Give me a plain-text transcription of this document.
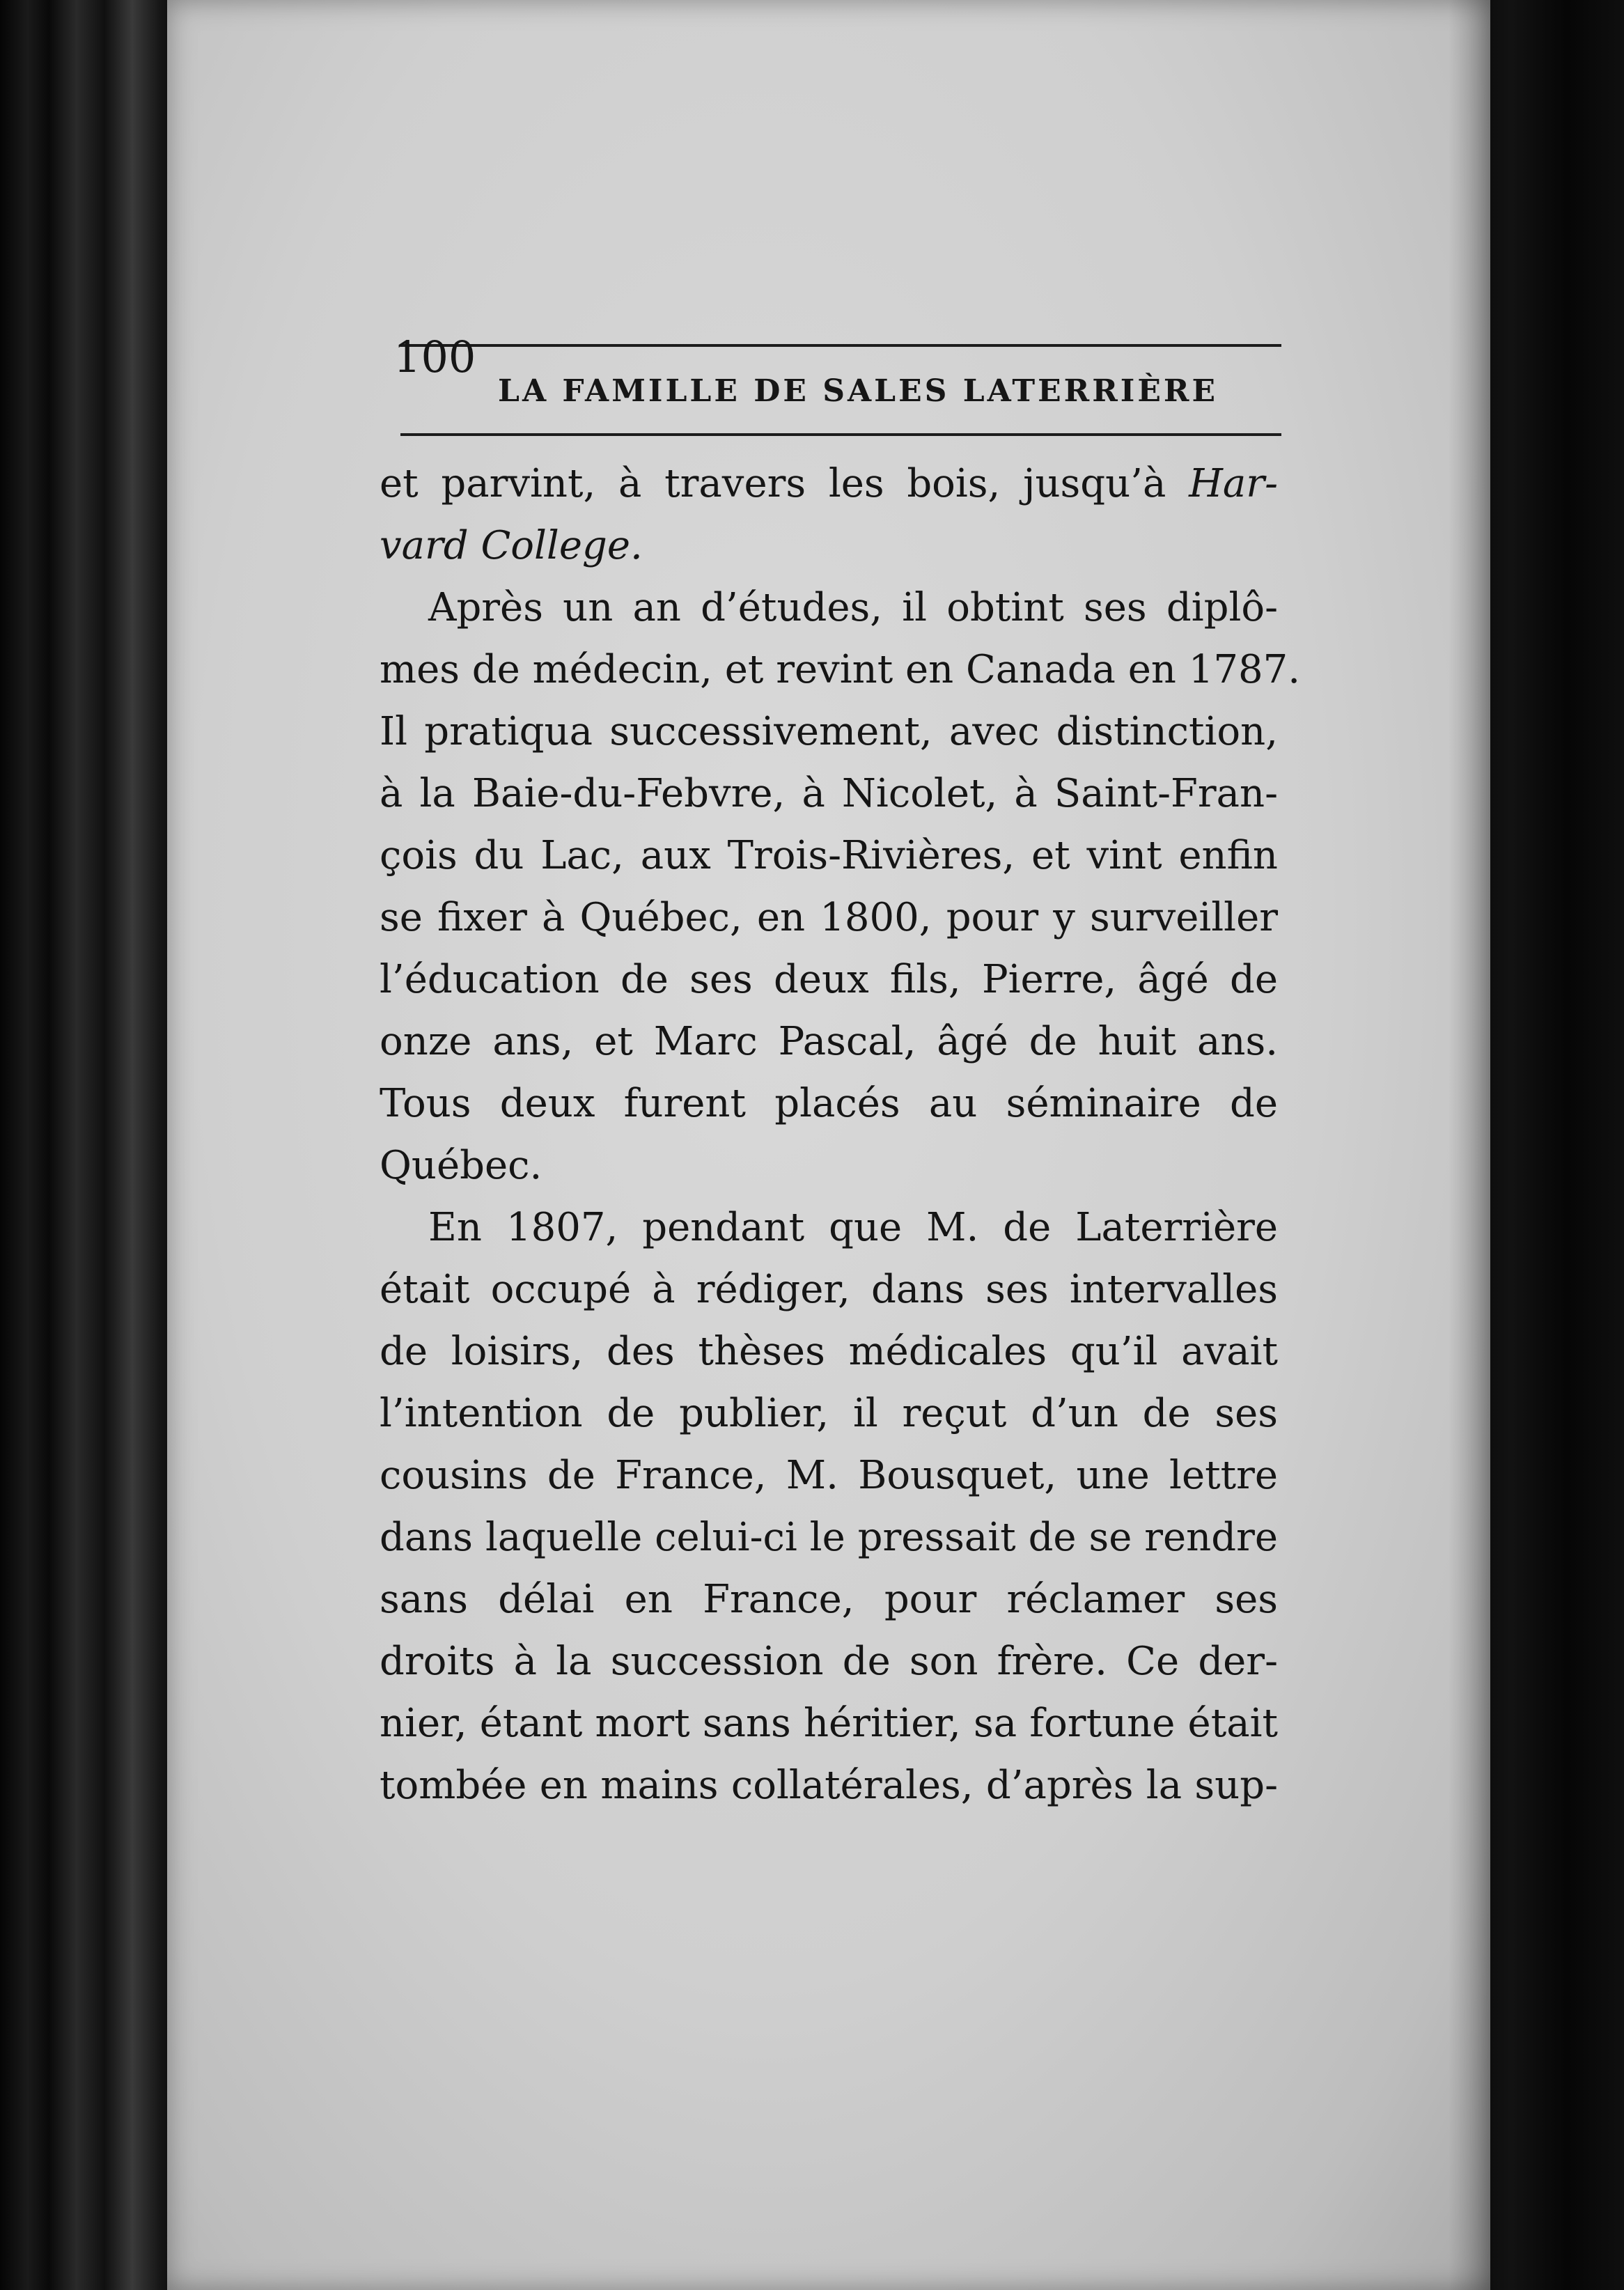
100
LA FAMILLE DE SALES LATERRIÈRE
et parvint, à travers les bois, jusqu’à Har-
vard College.
Après un an d’études, il obtint ses diplô-
mes de médecin, et revint en Canada en 1787.
Il pratiqua successivement, avec distinction,
à la Baie-du-Febvre, à Nicolet, à Saint-Fran-
çois du Lac, aux Trois-Rivières, et vint enfin
se fixer à Québec, en 1800, pour y surveiller
l’éducation de ses deux fils, Pierre, âgé de
onze ans, et Marc Pascal, âgé de huit ans.
Tous deux furent placés au séminaire de
Québec.
En 1807, pendant que M. de Laterrière
était occupé à rédiger, dans ses intervalles
de loisirs, des thèses médicales qu’il avait
l’intention de publier, il reçut d’un de ses
cousins de France, M. Bousquet, une lettre
dans laquelle celui-ci le pressait de se rendre
sans délai en France, pour réclamer ses
droits à la succession de son frère. Ce der-
nier, étant mort sans héritier, sa fortune était
tombée en mains collatérales, d’après la sup-
